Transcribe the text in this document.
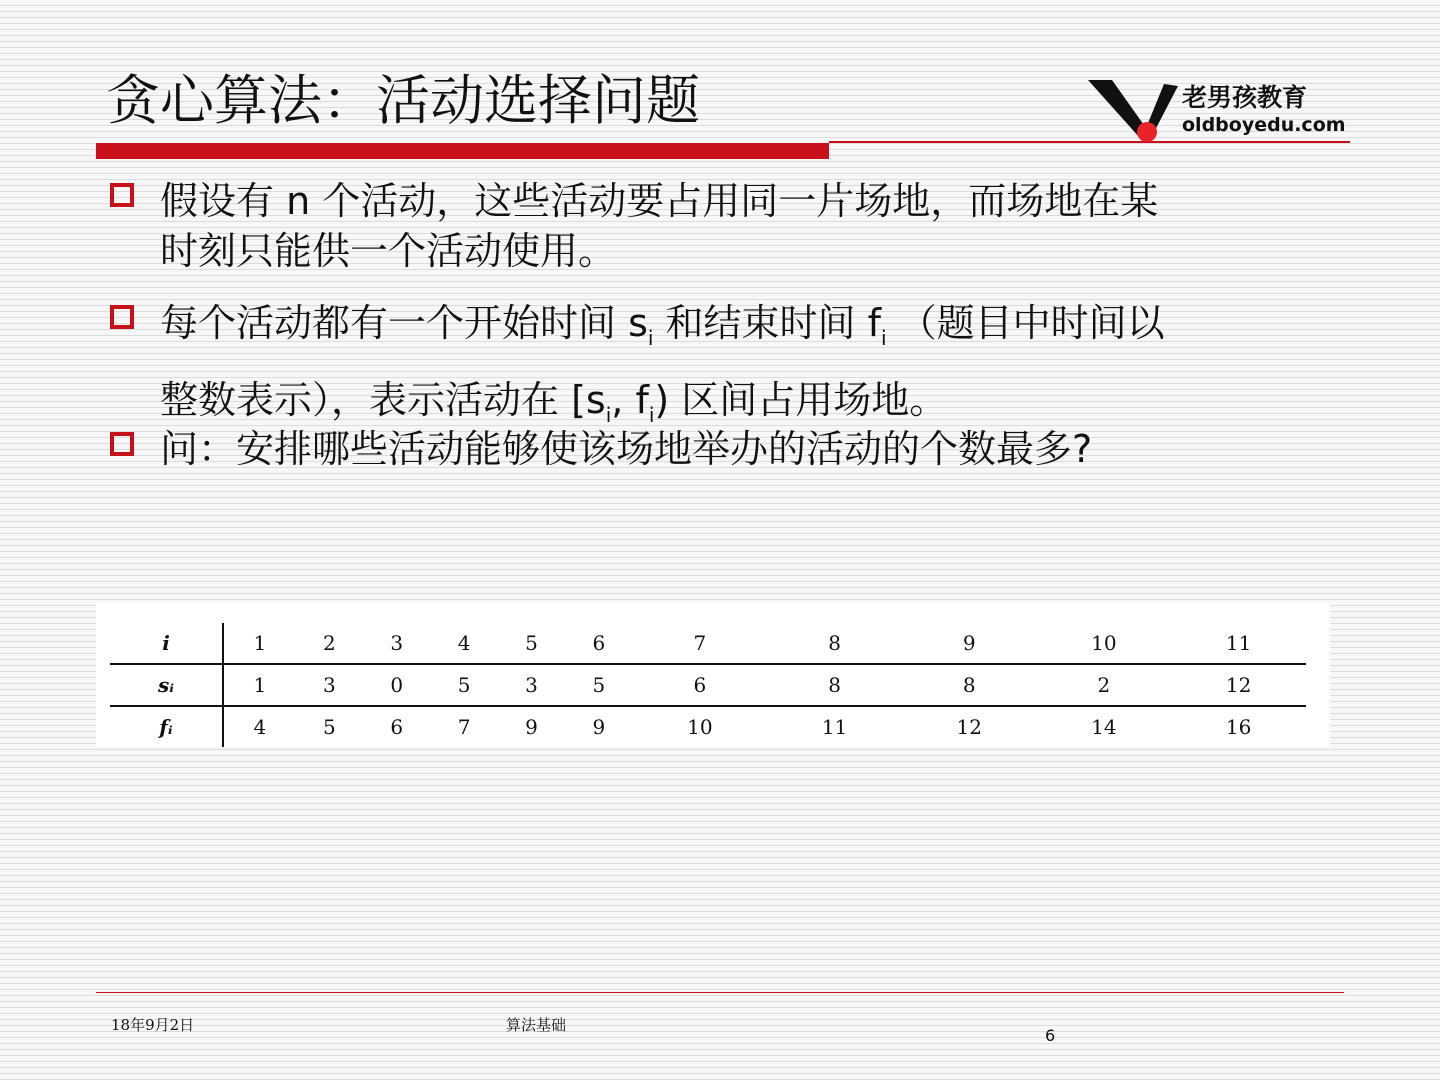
贪心算法：活动选择问题	老男孩教育
oldboyedu.com
假设有 n 个活动，这些活动要占用同一片场地，而场地在某
时刻只能供一个活动使用。
每个活动都有一个开始时间 $s_i$ 和结束时间 $f_i$ （题目中时间以
整数表示），表示活动在 [$s_i$, $f_i$) 区间占用场地。
问：安排哪些活动能够使该场地举办的活动的个数最多?
i	1	2	3	4	5	6	7	8	9	10	11
sᵢ	1	3	0	5	3	5	6	8	8	2	12
fᵢ	4	5	6	7	9	9	10	11	12	14	16
18年9月2日	算法基础
6
